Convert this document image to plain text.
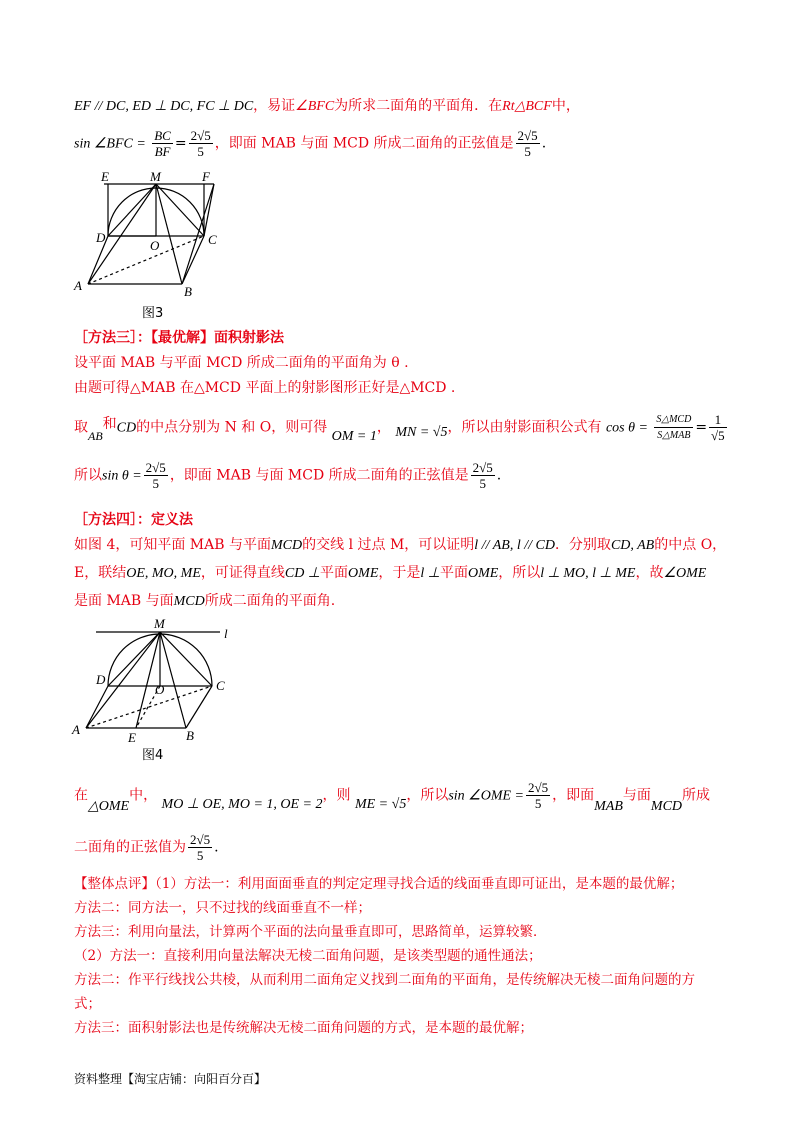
EF // DC, ED ⊥ DC, FC ⊥ DC，易证∠BFC为所求二面角的平面角．在Rt△BCF中，
sin ∠BFC = $\frac{BC}{BF} = \frac{2√5}{5}$ ，即面 MAB 与面 MCD 所成二面角的正弦值是 $\frac{2√5}{5}$ .
E	M	F
D
O	C
A	B
图3
［方法三］：【最优解】面积射影法
设平面 MAB 与平面 MCD 所成二面角的平面角为 θ .
由题可得△MAB 在△MCD 平面上的射影图形正好是△MCD .
取AB和CD的中点分别为 N 和 O，则可得 OM = 1， MN = √5，所以由射影面积公式有 $\cos \theta = \frac{\text{S△MCD}}{\text{S△MAB}} = \frac{1}{√5}$
所以$\sin \theta = \frac{2√5}{5}$ ，即面 MAB 与面 MCD 所成二面角的正弦值是 $\frac{2√5}{5}$ .
［方法四］：定义法
如图 4，可知平面 MAB 与平面MCD的交线 l 过点 M，可以证明l // AB, l // CD．分别取CD, AB的中点 O，
E，联结OE, MO, ME，可证得直线CD ⊥平面OME，于是l ⊥平面OME，所以l ⊥ MO, l ⊥ ME，故∠OME
是面 MAB 与面MCD所成二面角的平面角.
M
l
D
O	C
A
E	B
图4
在△OME中， MO ⊥ OE, MO = 1, OE = 2，则 ME = √5，所以sin ∠OME = $\frac{2√5}{5}$ ，即面MAB与面MCD所成
二面角的正弦值为 $\frac{2√5}{5}$ .
【整体点评】（1）方法一：利用面面垂直的判定定理寻找合适的线面垂直即可证出，是本题的最优解；
方法二：同方法一，只不过找的线面垂直不一样；
方法三：利用向量法，计算两个平面的法向量垂直即可，思路简单，运算较繁．
（2）方法一：直接利用向量法解决无棱二面角问题，是该类型题的通性通法；
方法二：作平行线找公共棱，从而利用二面角定义找到二面角的平面角，是传统解决无棱二面角问题的方
式；
方法三：面积射影法也是传统解决无棱二面角问题的方式，是本题的最优解；
资料整理【淘宝店铺：向阳百分百】
